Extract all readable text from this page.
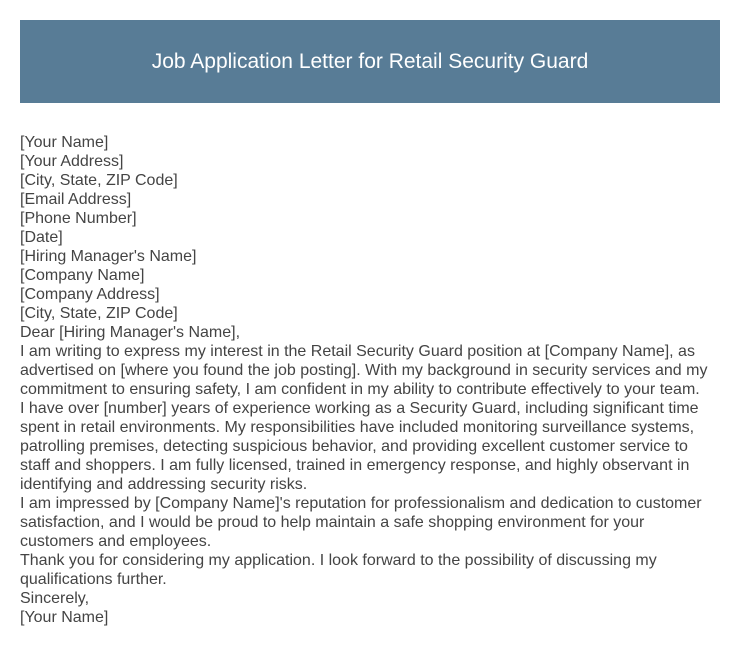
Job Application Letter for Retail Security Guard
[Your Name]
[Your Address]
[City, State, ZIP Code]
[Email Address]
[Phone Number]
[Date]
[Hiring Manager's Name]
[Company Name]
[Company Address]
[City, State, ZIP Code]
Dear [Hiring Manager's Name],

I am writing to express my interest in the Retail Security Guard position at [Company Name], as advertised on [where you found the job posting]. With my background in security services and my commitment to ensuring safety, I am confident in my ability to contribute effectively to your team.

I have over [number] years of experience working as a Security Guard, including significant time spent in retail environments. My responsibilities have included monitoring surveillance systems, patrolling premises, detecting suspicious behavior, and providing excellent customer service to staff and shoppers. I am fully licensed, trained in emergency response, and highly observant in identifying and addressing security risks.

I am impressed by [Company Name]'s reputation for professionalism and dedication to customer satisfaction, and I would be proud to help maintain a safe shopping environment for your customers and employees.

Thank you for considering my application. I look forward to the possibility of discussing my qualifications further.

Sincerely,
[Your Name]
